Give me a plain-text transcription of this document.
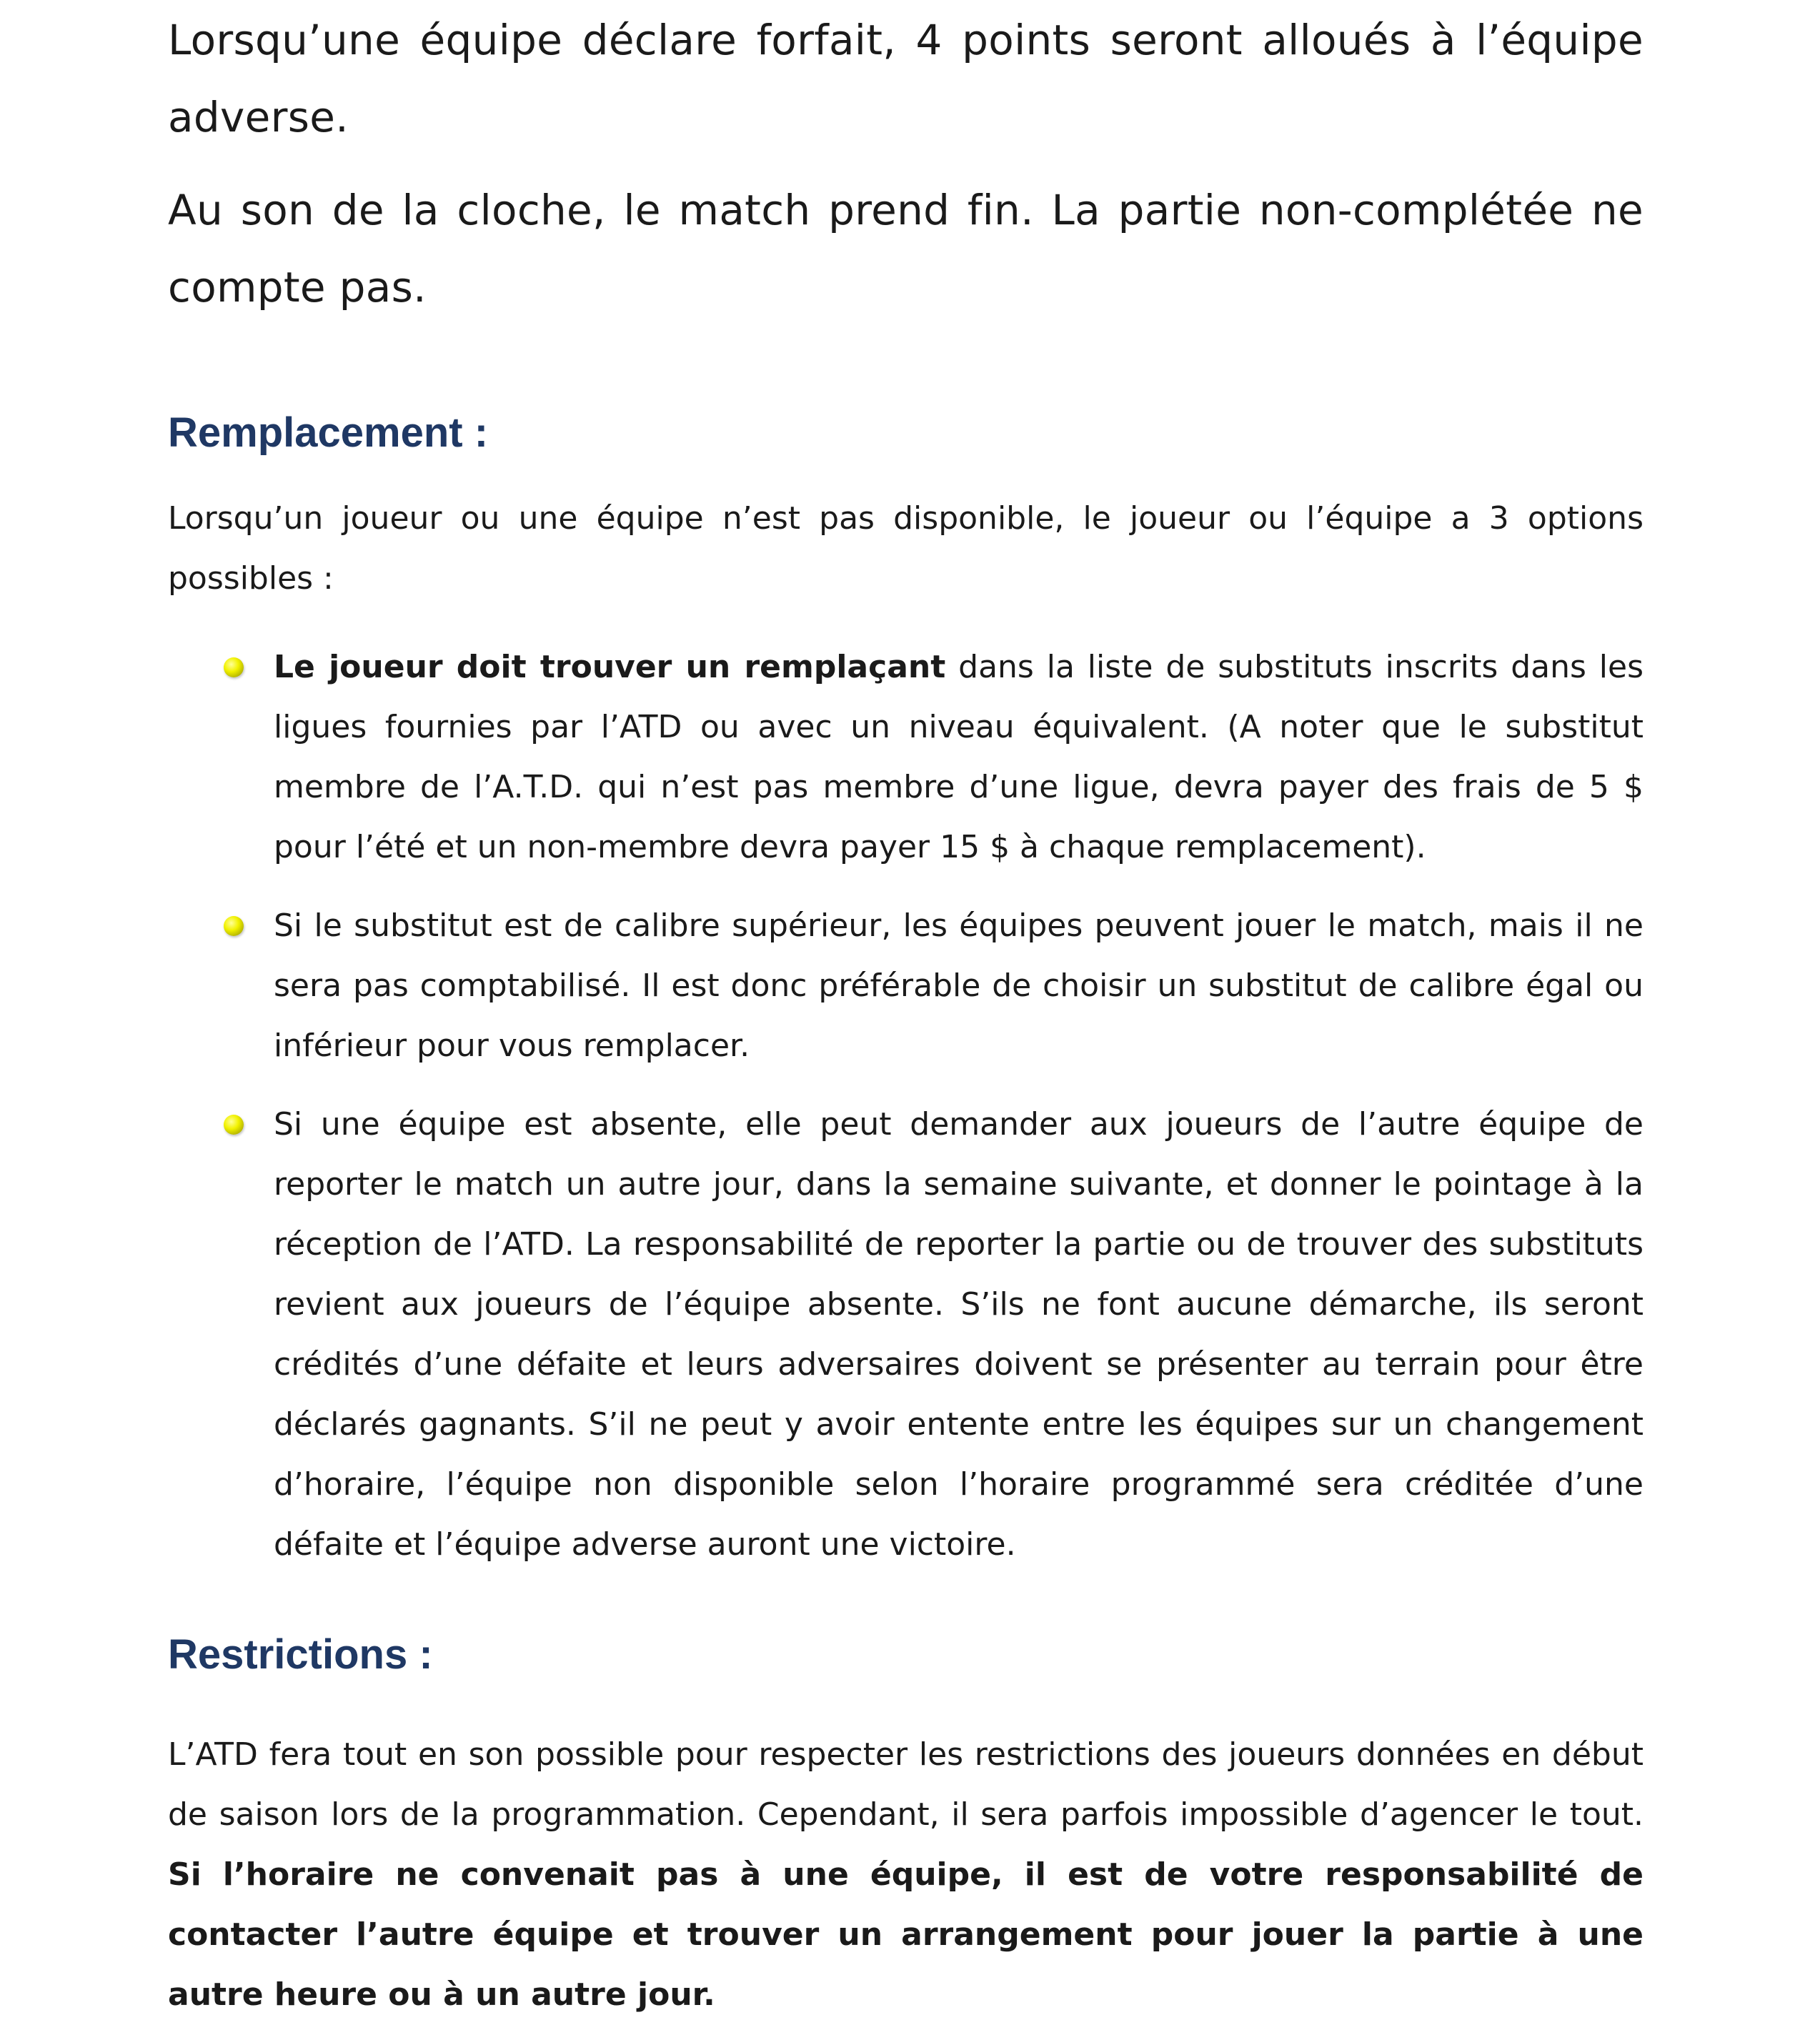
Lorsqu’une équipe déclare forfait, 4 points seront alloués à l’équipe adverse.

Au son de la cloche, le match prend fin. La partie non-complétée ne compte pas.

Remplacement :

Lorsqu’un joueur ou une équipe n’est pas disponible, le joueur ou l’équipe a 3 options possibles :

Le joueur doit trouver un remplaçant dans la liste de substituts inscrits dans les ligues fournies par l’ATD ou avec un niveau équivalent. (A noter que le substitut membre de l’A.T.D. qui n’est pas membre d’une ligue, devra payer des frais de 5 $ pour l’été et un non-membre devra payer 15 $ à chaque remplacement).

Si le substitut est de calibre supérieur, les équipes peuvent jouer le match, mais il ne sera pas comptabilisé. Il est donc préférable de choisir un substitut de calibre égal ou inférieur pour vous remplacer.

Si une équipe est absente, elle peut demander aux joueurs de l’autre équipe de reporter le match un autre jour, dans la semaine suivante, et donner le pointage à la réception de l’ATD. La responsabilité de reporter la partie ou de trouver des substituts revient aux joueurs de l’équipe absente. S’ils ne font aucune démarche, ils seront crédités d’une défaite et leurs adversaires doivent se présenter au terrain pour être déclarés gagnants. S’il ne peut y avoir entente entre les équipes sur un changement d’horaire, l’équipe non disponible selon l’horaire programmé sera créditée d’une défaite et l’équipe adverse auront une victoire.

Restrictions :

L’ATD fera tout en son possible pour respecter les restrictions des joueurs données en début de saison lors de la programmation. Cependant, il sera parfois impossible d’agencer le tout. Si l’horaire ne convenait pas à une équipe, il est de votre responsabilité de contacter l’autre équipe et trouver un arrangement pour jouer la partie à une autre heure ou à un autre jour.
